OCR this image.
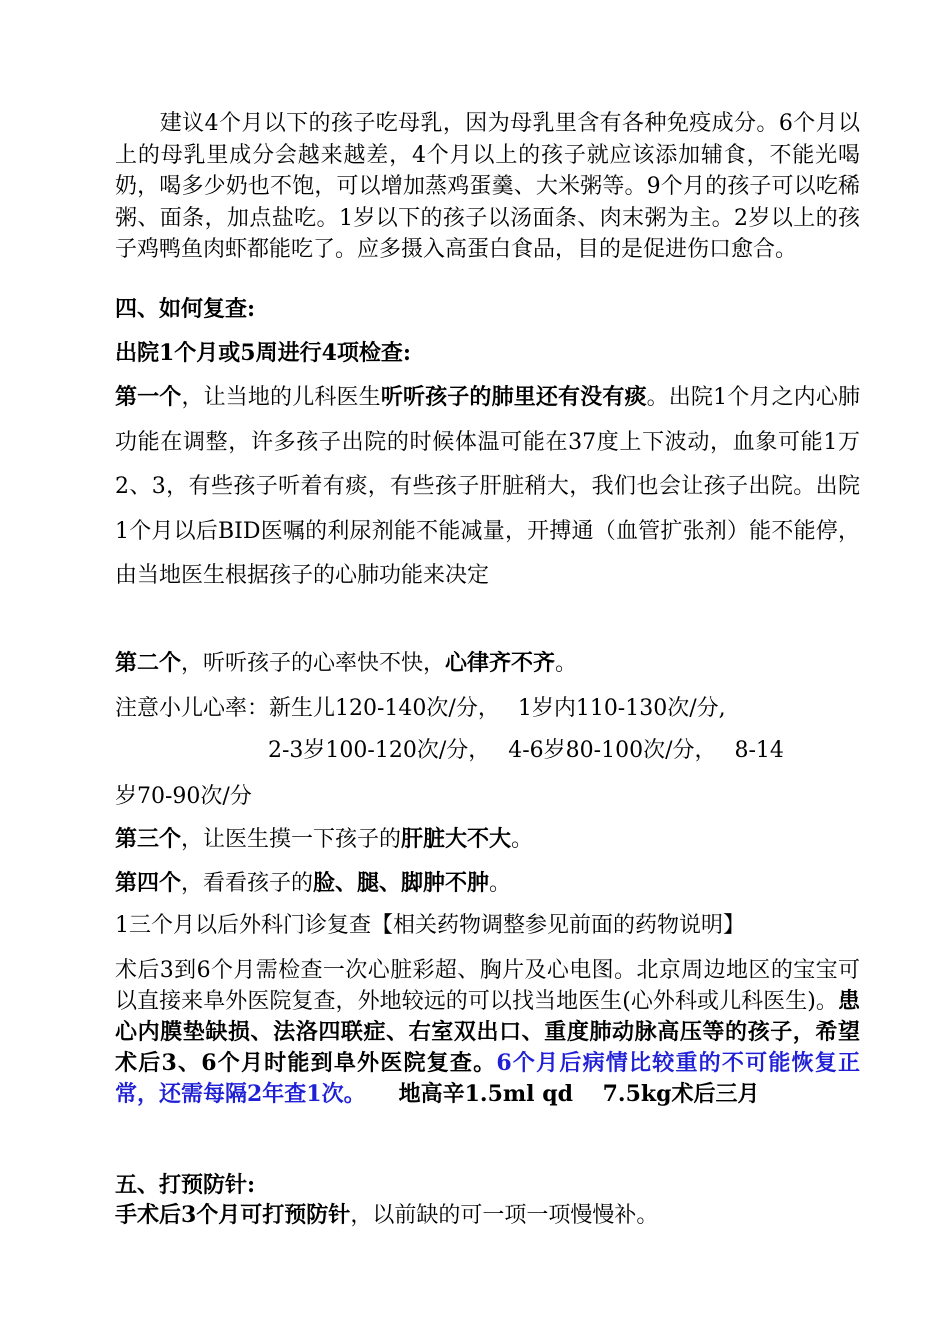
　　建议4个月以下的孩子吃母乳，因为母乳里含有各种免疫成分。6个月以上的母乳里成分会越来越差，4个月以上的孩子就应该添加辅食，不能光喝奶，喝多少奶也不饱，可以增加蒸鸡蛋羹、大米粥等。9个月的孩子可以吃稀粥、面条，加点盐吃。1岁以下的孩子以汤面条、肉末粥为主。2岁以上的孩子鸡鸭鱼肉虾都能吃了。应多摄入高蛋白食品，目的是促进伤口愈合。

四、如何复查:

出院1个月或5周进行4项检查:

第一个，让当地的儿科医生听听孩子的肺里还有没有痰。出院1个月之内心肺功能在调整，许多孩子出院的时候体温可能在37度上下波动，血象可能1万2、3，有些孩子听着有痰，有些孩子肝脏稍大，我们也会让孩子出院。出院1个月以后BID医嘱的利尿剂能不能减量，开搏通（血管扩张剂）能不能停，由当地医生根据孩子的心肺功能来决定

第二个，听听孩子的心率快不快，心律齐不齐。

注意小儿心率：新生儿120-140次/分，　 1岁内110-130次/分,

2-3岁100-120次/分，　 4-6岁80-100次/分，　 8-14

岁70-90次/分

第三个，让医生摸一下孩子的肝脏大不大。

第四个，看看孩子的脸、腿、脚肿不肿。

1三个月以后外科门诊复查【相关药物调整参见前面的药物说明】

术后3到6个月需检查一次心脏彩超、胸片及心电图。北京周边地区的宝宝可以直接来阜外医院复查，外地较远的可以找当地医生(心外科或儿科医生)。患心内膜垫缺损、法洛四联症、右室双出口、重度肺动脉高压等的孩子，希望术后3、6个月时能到阜外医院复查。6个月后病情比较重的不可能恢复正常，还需每隔2年查1次。　　地高辛1.5ml qd　 7.5kg术后三月

五、打预防针:

手术后3个月可打预防针，以前缺的可一项一项慢慢补。
